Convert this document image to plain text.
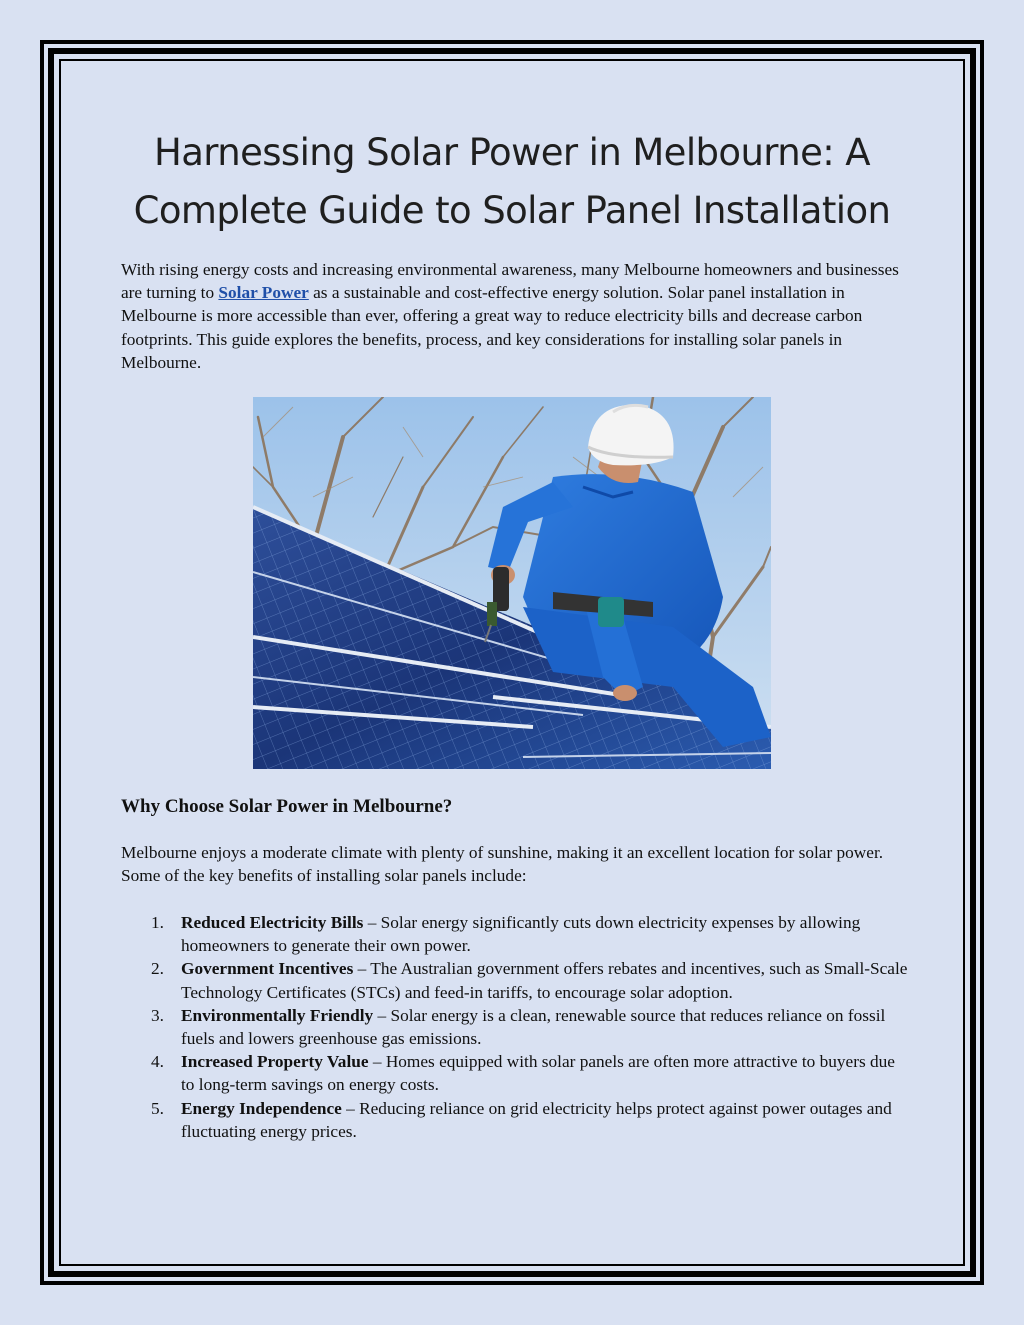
Harnessing Solar Power in Melbourne: A
Complete Guide to Solar Panel Installation

With rising energy costs and increasing environmental awareness, many Melbourne homeowners and businesses are turning to Solar Power as a sustainable and cost-effective energy solution. Solar panel installation in Melbourne is more accessible than ever, offering a great way to reduce electricity bills and decrease carbon footprints. This guide explores the benefits, process, and key considerations for installing solar panels in Melbourne.

Why Choose Solar Power in Melbourne?

Melbourne enjoys a moderate climate with plenty of sunshine, making it an excellent location for solar power. Some of the key benefits of installing solar panels include:

1. Reduced Electricity Bills – Solar energy significantly cuts down electricity expenses by allowing homeowners to generate their own power.
2. Government Incentives – The Australian government offers rebates and incentives, such as Small-Scale Technology Certificates (STCs) and feed-in tariffs, to encourage solar adoption.
3. Environmentally Friendly – Solar energy is a clean, renewable source that reduces reliance on fossil fuels and lowers greenhouse gas emissions.
4. Increased Property Value – Homes equipped with solar panels are often more attractive to buyers due to long-term savings on energy costs.
5. Energy Independence – Reducing reliance on grid electricity helps protect against power outages and fluctuating energy prices.
